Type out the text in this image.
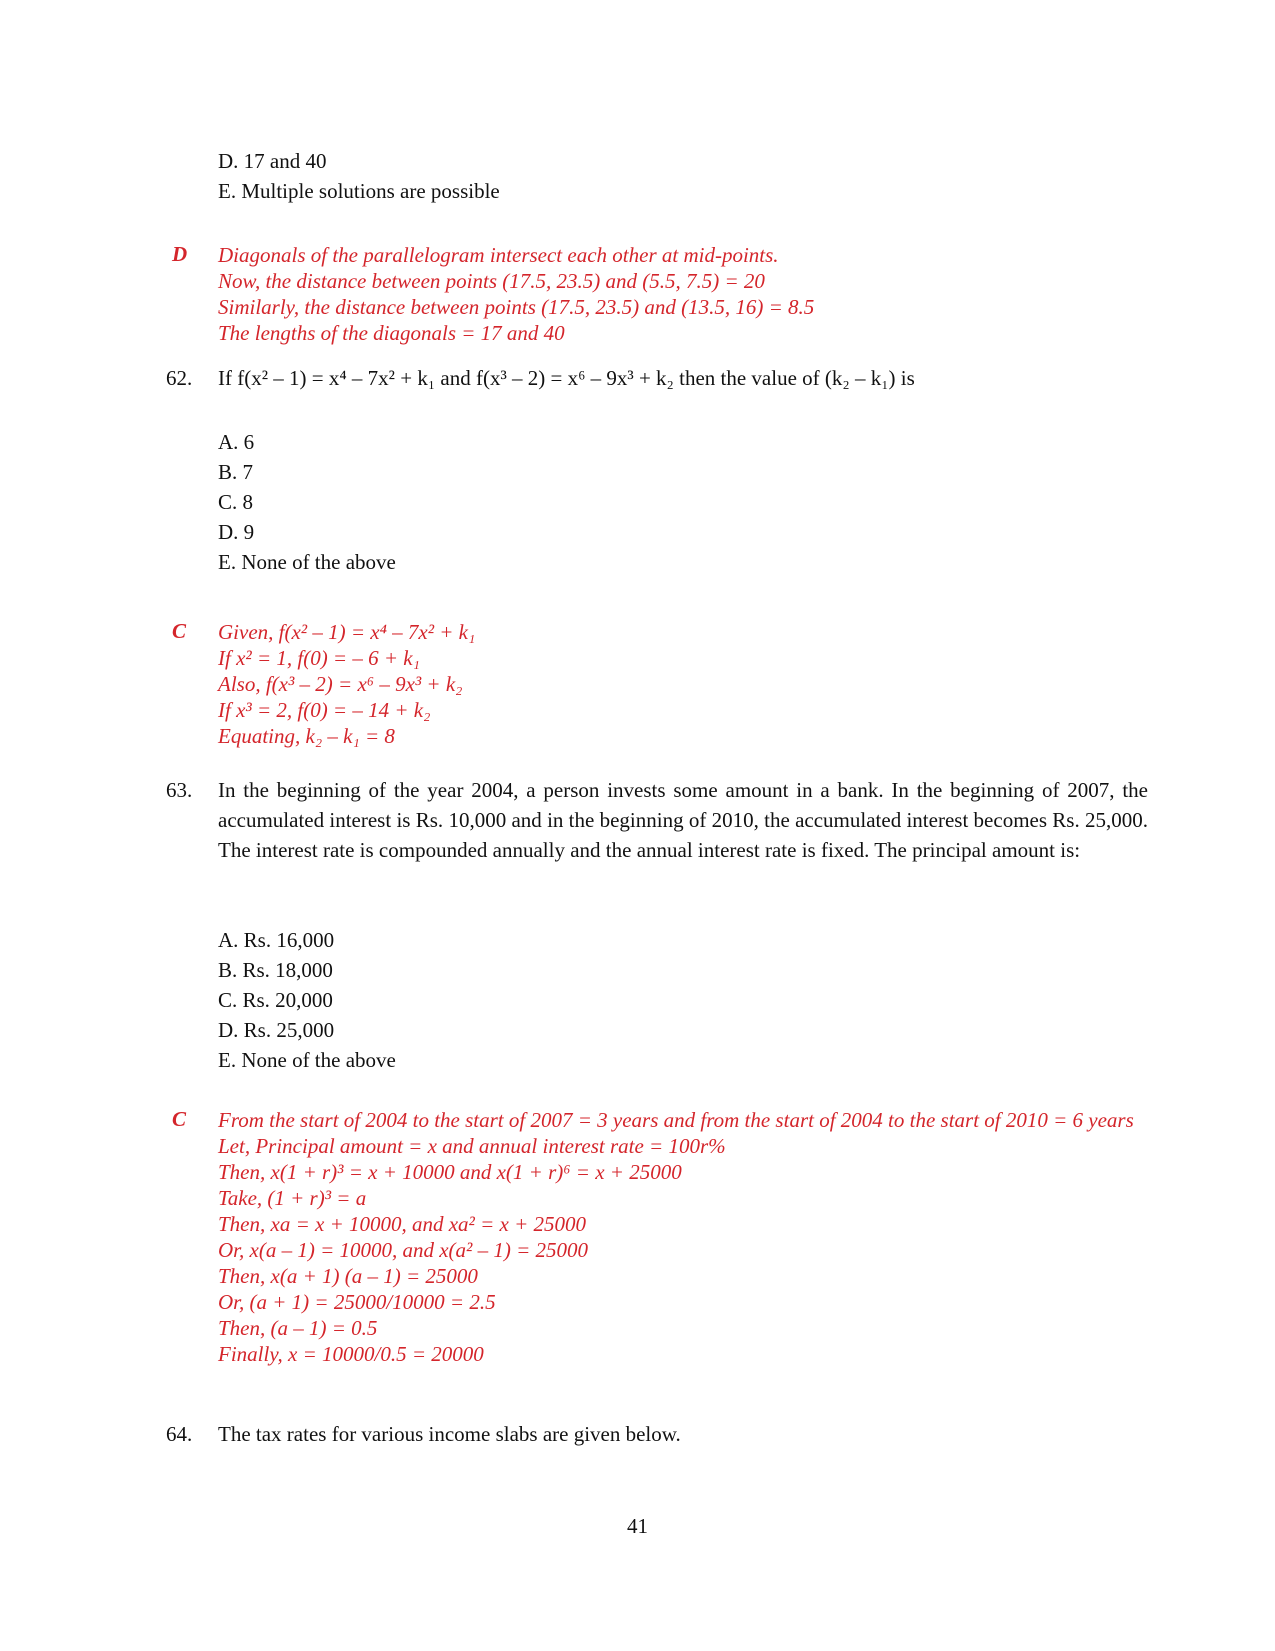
D. 17 and 40
E. Multiple solutions are possible
D	Diagonals of the parallelogram intersect each other at mid-points.
Now, the distance between points (17.5, 23.5) and (5.5, 7.5) = 20
Similarly, the distance between points (17.5, 23.5) and (13.5, 16) = 8.5
The lengths of the diagonals = 17 and 40
62. If f(x² – 1) = x⁴ – 7x² + k₁ and f(x³ – 2) = x⁶ – 9x³ + k₂ then the value of (k₂ – k₁) is
A. 6
B. 7
C. 8
D. 9
E. None of the above
C	Given, f(x² – 1) = x⁴ – 7x² + k₁
If x² = 1, f(0) = – 6 + k₁
Also, f(x³ – 2) = x⁶ – 9x³ + k₂
If x³ = 2, f(0) = – 14 + k₂
Equating, k₂ – k₁ = 8
63. In the beginning of the year 2004, a person invests some amount in a bank. In the beginning of 2007, the accumulated interest is Rs. 10,000 and in the beginning of 2010, the accumulated interest becomes Rs. 25,000. The interest rate is compounded annually and the annual interest rate is fixed. The principal amount is:
A. Rs. 16,000
B. Rs. 18,000
C. Rs. 20,000
D. Rs. 25,000
E. None of the above
C	From the start of 2004 to the start of 2007 = 3 years and from the start of 2004 to the start of 2010 = 6 years
Let, Principal amount = x and annual interest rate = 100r%
Then, x(1 + r)³ = x + 10000 and x(1 + r)⁶ = x + 25000
Take, (1 + r)³ = a
Then, xa = x + 10000, and xa² = x + 25000
Or, x(a – 1) = 10000, and x(a² – 1) = 25000
Then, x(a + 1) (a – 1) = 25000
Or, (a + 1) = 25000/10000 = 2.5
Then, (a – 1) = 0.5
Finally, x = 10000/0.5 = 20000
64. The tax rates for various income slabs are given below.
41
